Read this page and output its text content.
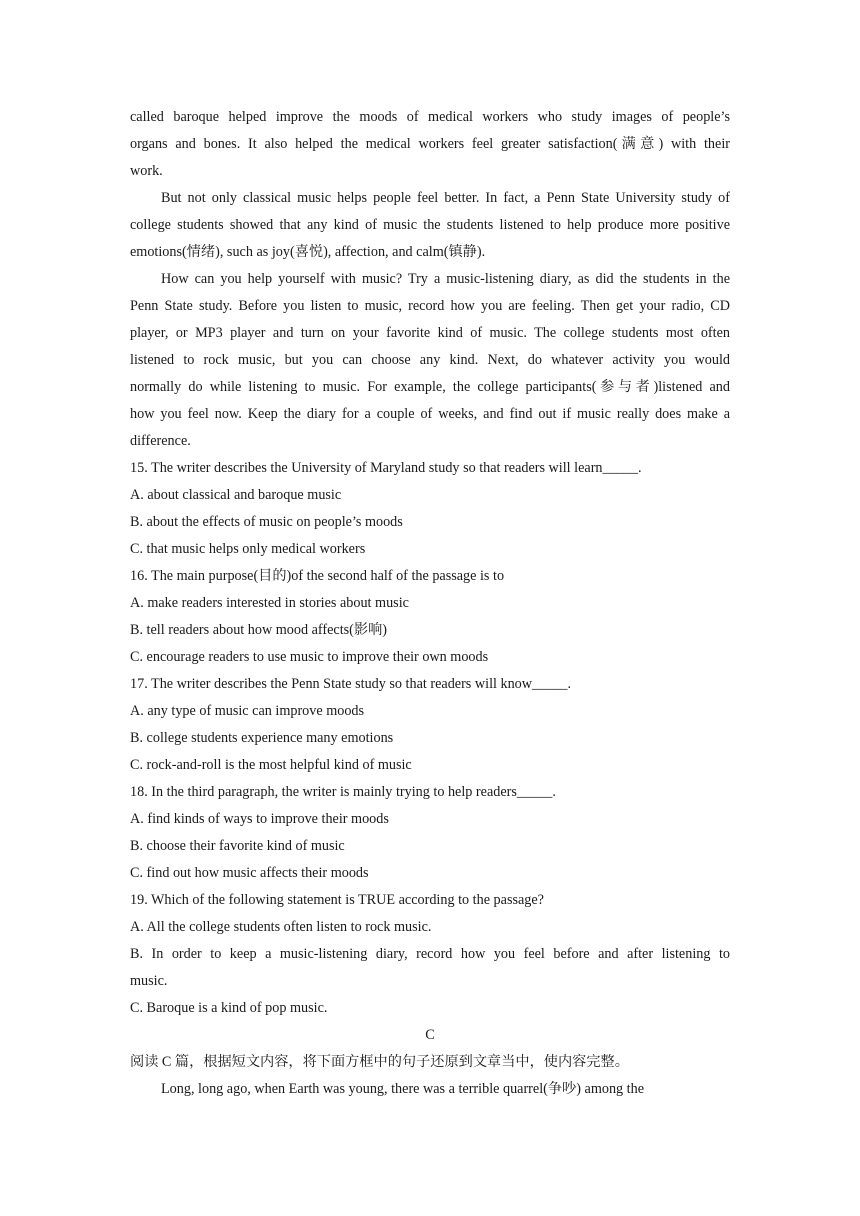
called baroque helped improve the moods of medical workers who study images of people’s
organs and bones. It also helped the medical workers feel greater satisfaction(满意) with their
work.

But not only classical music helps people feel better. In fact, a Penn State University study of
college students showed that any kind of music the students listened to help produce more positive
emotions(情绪), such as joy(喜悦), affection, and calm(镇静).

How can you help yourself with music? Try a music-listening diary, as did the students in the
Penn State study. Before you listen to music, record how you are feeling. Then get your radio, CD
player, or MP3 player and turn on your favorite kind of music. The college students most often
listened to rock music, but you can choose any kind. Next, do whatever activity you would
normally do while listening to music. For example, the college participants(参与者)listened and
how you feel now. Keep the diary for a couple of weeks, and find out if music really does make a
difference.

15. The writer describes the University of Maryland study so that readers will learn_____.
A. about classical and baroque music
B. about the effects of music on people’s moods
C. that music helps only medical workers
16. The main purpose(目的)of the second half of the passage is to
A. make readers interested in stories about music
B. tell readers about how mood affects(影响)
C. encourage readers to use music to improve their own moods
17. The writer describes the Penn State study so that readers will know_____.
A. any type of music can improve moods
B. college students experience many emotions
C. rock-and-roll is the most helpful kind of music
18. In the third paragraph, the writer is mainly trying to help readers_____.
A. find kinds of ways to improve their moods
B. choose their favorite kind of music
C. find out how music affects their moods
19. Which of the following statement is TRUE according to the passage?
A. All the college students often listen to rock music.
B. In order to keep a music-listening diary, record how you feel before and after listening to
music.
C. Baroque is a kind of pop music.

C

阅读 C 篇，根据短文内容，将下面方框中的句子还原到文章当中，使内容完整。
Long, long ago, when Earth was young, there was a terrible quarrel(争吵) among the
